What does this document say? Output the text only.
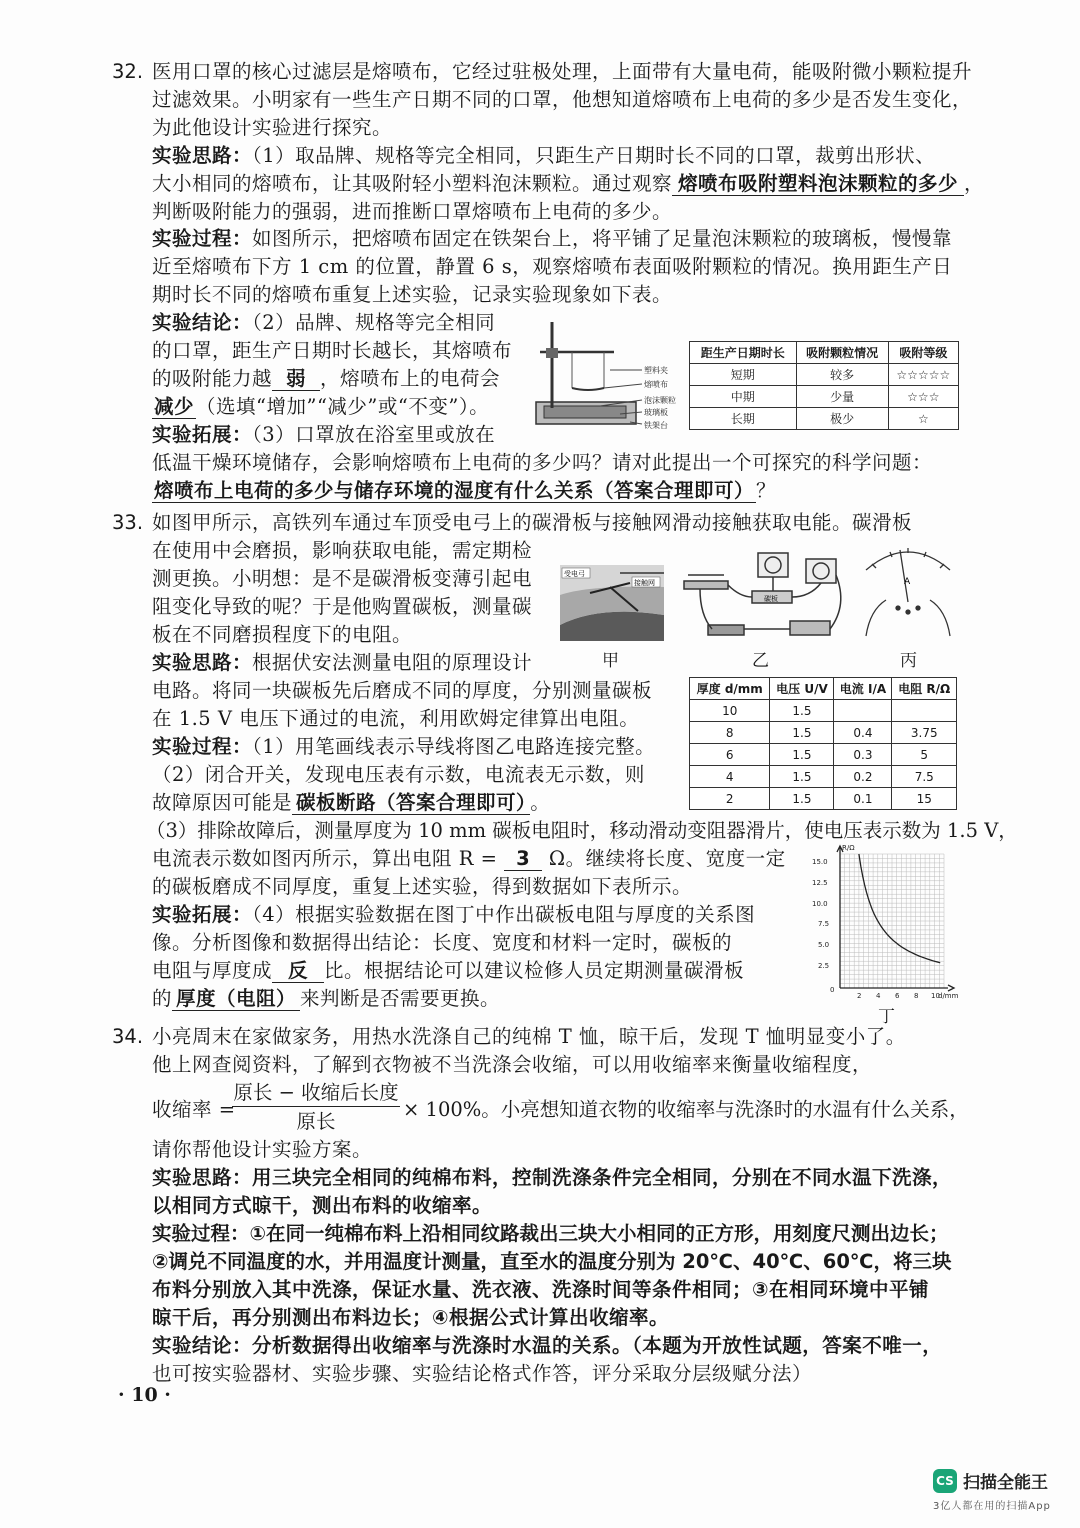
32. 医用口罩的核心过滤层是熔喷布，它经过驻极处理，上面带有大量电荷，能吸附微小颗粒提升
过滤效果。小明家有一些生产日期不同的口罩，他想知道熔喷布上电荷的多少是否发生变化，
为此他设计实验进行探究。
实验思路：（1）取品牌、规格等完全相同，只距生产日期时长不同的口罩，裁剪出形状、
大小相同的熔喷布，让其吸附轻小塑料泡沫颗粒。通过观察 熔喷布吸附塑料泡沫颗粒的多少 ，
判断吸附能力的强弱，进而推断口罩熔喷布上电荷的多少。
实验过程：如图所示，把熔喷布固定在铁架台上，将平铺了足量泡沫颗粒的玻璃板，慢慢靠
近至熔喷布下方 1 cm 的位置，静置 6 s，观察熔喷布表面吸附颗粒的情况。换用距生产日
期时长不同的熔喷布重复上述实验，记录实验现象如下表。
实验结论：（2）品牌、规格等完全相同
的口罩，距生产日期时长越长，其熔喷布
的吸附能力越 弱 ，熔喷布上的电荷会
减少 （选填“增加”“减少”或“不变”）。
实验拓展：（3）口罩放在浴室里或放在
低温干燥环境储存，会影响熔喷布上电荷的多少吗？请对此提出一个可探究的科学问题：
熔喷布上电荷的多少与储存环境的湿度有什么关系（答案合理即可） ？
塑料夹
熔喷布
泡沫颗粒
玻璃板
铁架台
距生产日期时长	吸附颗粒情况	吸附等级
短期	较多	☆☆☆☆☆
中期	少量	☆☆☆
长期	极少	☆
33. 如图甲所示，高铁列车通过车顶受电弓上的碳滑板与接触网滑动接触获取电能。碳滑板
在使用中会磨损，影响获取电能，需定期检
测更换。小明想：是不是碳滑板变薄引起电
阻变化导致的呢？于是他购置碳板，测量碳
板在不同磨损程度下的电阻。
实验思路：根据伏安法测量电阻的原理设计
电路。将同一块碳板先后磨成不同的厚度，分别测量碳板
在 1.5 V 电压下通过的电流，利用欧姆定律算出电阻。
实验过程：（1）用笔画线表示导线将图乙电路连接完整。
（2）闭合开关，发现电压表有示数，电流表无示数，则
故障原因可能是 碳板断路（答案合理即可） 。
（3）排除故障后，测量厚度为 10 mm 碳板电阻时，移动滑动变阻器滑片，使电压表示数为 1.5 V，
电流表示数如图丙所示，算出电阻 R = 3 Ω。继续将长度、宽度一定
的碳板磨成不同厚度，重复上述实验，得到数据如下表所示。
实验拓展：（4）根据实验数据在图丁中作出碳板电阻与厚度的关系图
像。分析图像和数据得出结论：长度、宽度和材料一定时，碳板的
电阻与厚度成 反 比。根据结论可以建议检修人员定期测量碳滑板
的 厚度（电阻） 来判断是否需要更换。
受电弓
接触网
甲
碳板
乙
A
丙
厚度 d/mm	电压 U/V	电流 I/A	电阻 R/Ω
10	1.5		
8	1.5	0.4	3.75
6	1.5	0.3	5
4	1.5	0.2	7.5
2	1.5	0.1	15
R/Ω
d/mm
15.0
12.5
10.0
7.5
5.0
2.5
0
2 4 6 8 10
丁
34. 小亮周末在家做家务，用热水洗涤自己的纯棉 T 恤，晾干后，发现 T 恤明显变小了。
他上网查阅资料，了解到衣物被不当洗涤会收缩，可以用收缩率来衡量收缩程度，
收缩率 =
原长 − 收缩后长度
原长
× 100%。小亮想知道衣物的收缩率与洗涤时的水温有什么关系，
请你帮他设计实验方案。
实验思路：用三块完全相同的纯棉布料，控制洗涤条件完全相同，分别在不同水温下洗涤，
以相同方式晾干，测出布料的收缩率。
实验过程：①在同一纯棉布料上沿相同纹路裁出三块大小相同的正方形，用刻度尺测出边长；
②调兑不同温度的水，并用温度计测量，直至水的温度分别为 20℃、40℃、60℃，将三块
布料分别放入其中洗涤，保证水量、洗衣液、洗涤时间等条件相同；③在相同环境中平铺
晾干后，再分别测出布料边长；④根据公式计算出收缩率。
实验结论：分析数据得出收缩率与洗涤时水温的关系。（本题为开放性试题，答案不唯一，
也可按实验器材、实验步骤、实验结论格式作答，评分采取分层级赋分法）
· 10 ·
CS 扫描全能王
3亿人都在用的扫描App
